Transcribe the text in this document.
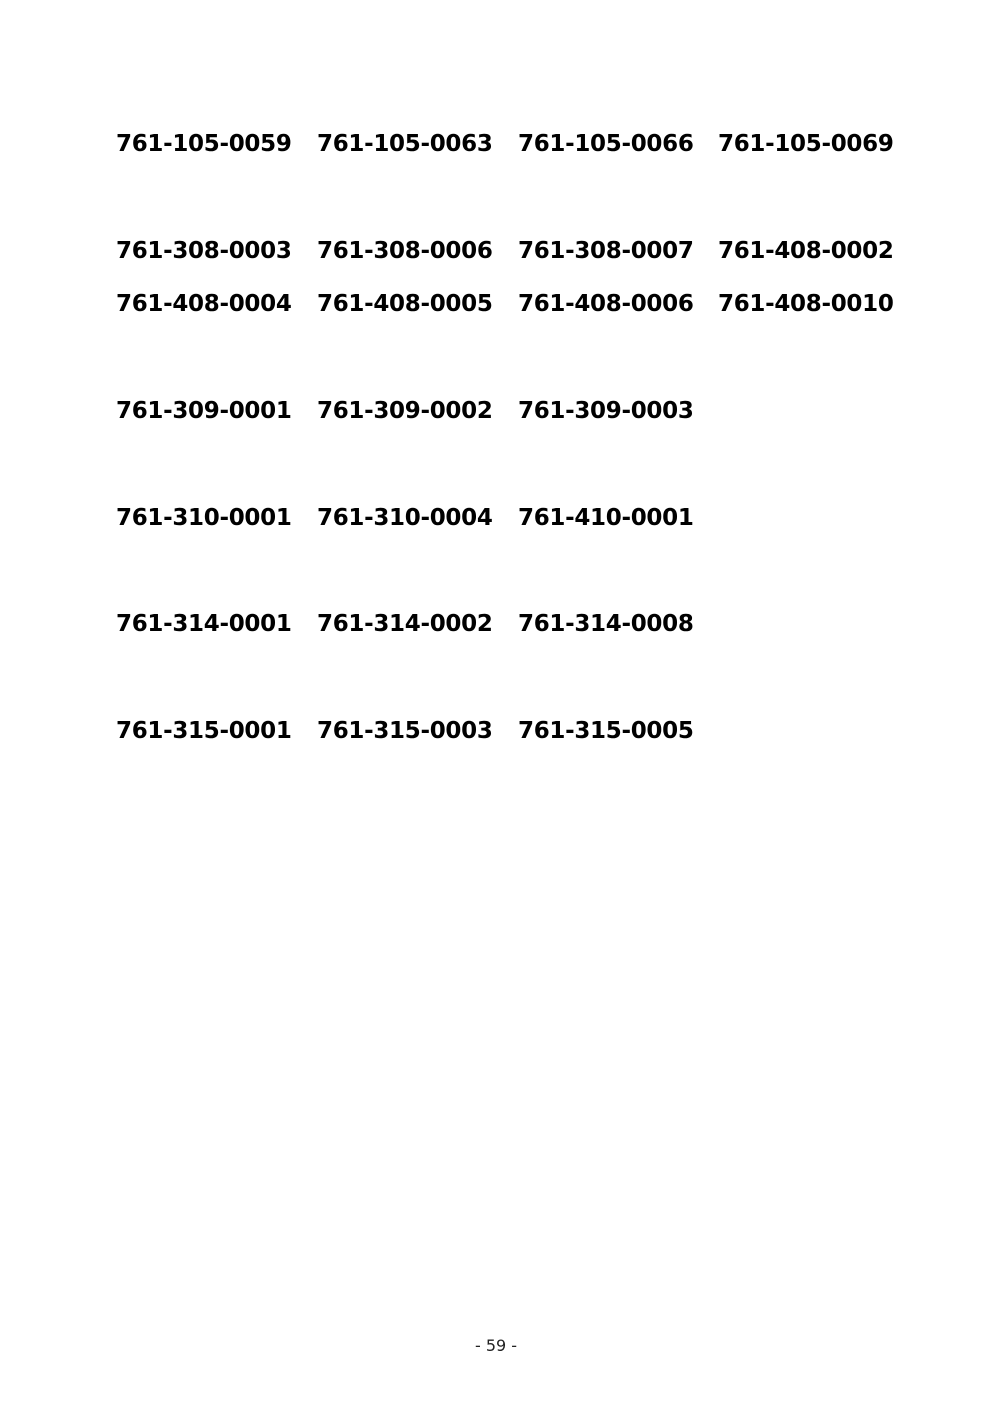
761-105-0059 761-105-0063 761-105-0066 761-105-0069
761-308-0003 761-308-0006 761-308-0007 761-408-0002
761-408-0004 761-408-0005 761-408-0006 761-408-0010
761-309-0001 761-309-0002 761-309-0003
761-310-0001 761-310-0004 761-410-0001
761-314-0001 761-314-0002 761-314-0008
761-315-0001 761-315-0003 761-315-0005
- 59 -
